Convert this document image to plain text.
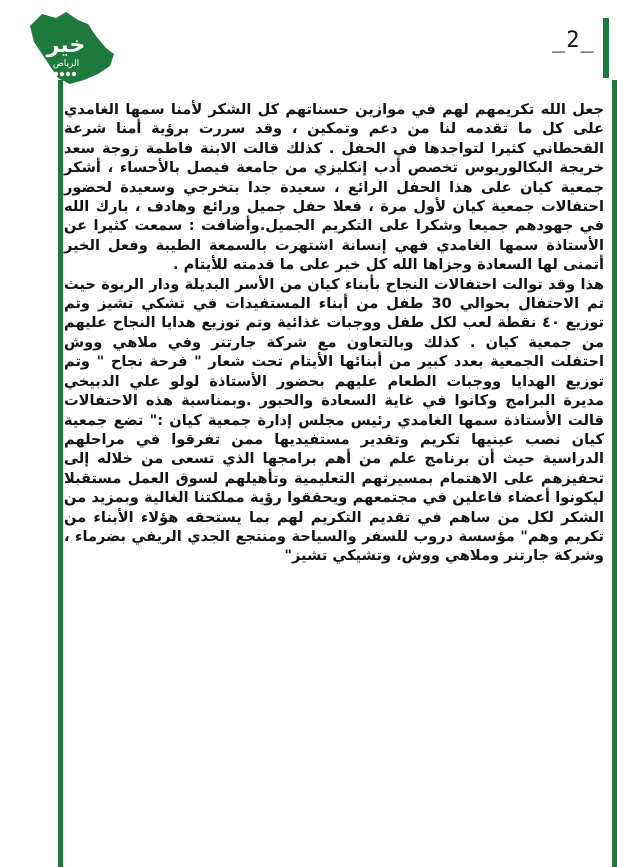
خير
الرياض
_2_

جعل الله تكريمهم لهم في موازين حسناتهم كل الشكر لأمنا سمها الغامدي على كل ما تقدمه لنا من دعم وتمكين ، وقد سررت برؤية أمنا شرعة القحطاني كثيرا لتواجدها في الحفل . كذلك قالت الابنة فاطمة زوجة سعد خريجة البكالوريوس تخصص أدب إنكليزي من جامعة فيصل بالأحساء ، أشكر جمعية كيان على هذا الحفل الرائع ، سعيدة جدا بتخرجي وسعيدة لحضور احتفالات جمعية كيان لأول مرة ، فعلا حفل جميل ورائع وهادف ، بارك الله في جهودهم جميعا وشكرا على التكريم الجميل.وأضافت : سمعت كثيرا عن الأستاذة سمها الغامدي فهي إنسانة اشتهرت بالسمعة الطيبة وفعل الخير أتمنى لها السعادة وجزاها الله كل خير على ما قدمته للأيتام .

هذا وقد توالت احتفالات النجاح بأبناء كيان من الأسر البديلة ودار الربوة حيث تم الاحتفال بحوالي 30 طفل من أبناء المستفيدات في تشكي تشيز وتم توزيع ٤٠ نقطة لعب لكل طفل ووجبات غذائية وتم توزيع هدايا النجاح عليهم من جمعية كيان . كذلك وبالتعاون مع شركة جارتنر وفي ملاهي ووش احتفلت الجمعية بعدد كبير من أبنائها الأيتام تحت شعار " فرحة نجاح " وتم توزيع الهدايا ووجبات الطعام عليهم بحضور الأستاذة لولو علي الدبيخي مديرة البرامج وكانوا في غاية السعادة والحبور .وبمناسبة هذه الاحتفالات قالت الأستاذة سمها الغامدي رئيس مجلس إدارة جمعية كيان :" تضع جمعية كيان نصب عينيها تكريم وتقدير مستفيديها ممن تفرقوا في مراحلهم الدراسية حيث أن برنامج علم من أهم برامجها الذي تسعى من خلاله إلى تحفيزهم على الاهتمام بمسيرتهم التعليمية وتأهيلهم لسوق العمل مستقبلا ليكونوا أعضاء فاعلين في مجتمعهم ويحققوا رؤية مملكتنا الغالية وبمزيد من الشكر لكل من ساهم في تقديم التكريم لهم بما يستحقه هؤلاء الأبناء من تكريم وهم" مؤسسة دروب للسفر والسياحة ومنتجع الجدي الريفي بضرماء ، وشركة جارتنر وملاهي ووش، وتشيكي تشيز"
